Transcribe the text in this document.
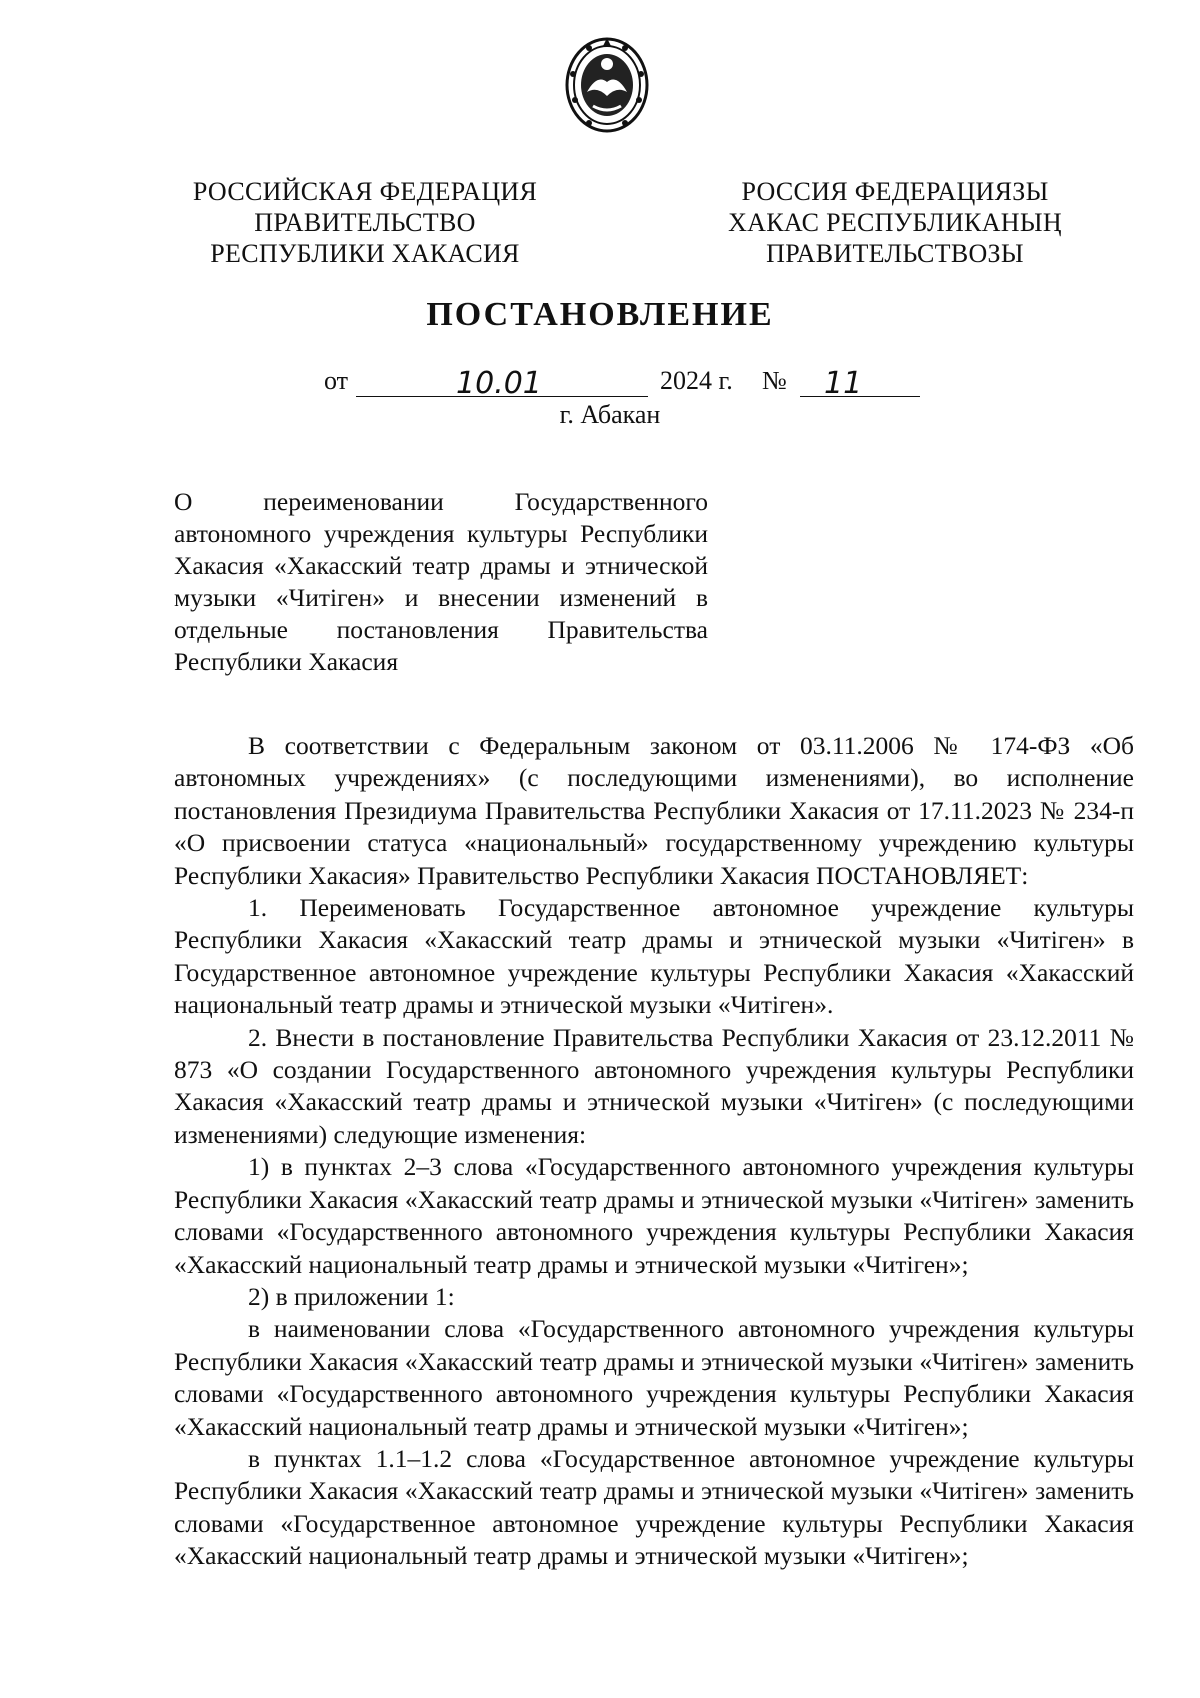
РОССИЙСКАЯ ФЕДЕРАЦИЯ
ПРАВИТЕЛЬСТВО
РЕСПУБЛИКИ ХАКАСИЯ
РОССИЯ ФЕДЕРАЦИЯЗЫ
ХАКАС РЕСПУБЛИКАНЫҢ
ПРАВИТЕЛЬСТВОЗЫ
ПОСТАНОВЛЕНИЕ
от	10.01	2024 г. № 11
г. Абакан
О переименовании Государственного автономного учреждения культуры Республики Хакасия «Хакасский театр драмы и этнической музыки «Читiген» и внесении изменений в отдельные постановления Правительства Республики Хакасия

В соответствии с Федеральным законом от 03.11.2006 № 174-ФЗ «Об автономных учреждениях» (с последующими изменениями), во исполнение постановления Президиума Правительства Республики Хакасия от 17.11.2023 № 234-п «О присвоении статуса «национальный» государственному учреждению культуры Республики Хакасия» Правительство Республики Хакасия ПОСТАНОВЛЯЕТ:

1. Переименовать Государственное автономное учреждение культуры Республики Хакасия «Хакасский театр драмы и этнической музыки «Читiген» в Государственное автономное учреждение культуры Республики Хакасия «Хакасский национальный театр драмы и этнической музыки «Читiген».

2. Внести в постановление Правительства Республики Хакасия от 23.12.2011 № 873 «О создании Государственного автономного учреждения культуры Республики Хакасия «Хакасский театр драмы и этнической музыки «Читiген» (с последующими изменениями) следующие изменения:

1) в пунктах 2–3 слова «Государственного автономного учреждения культуры Республики Хакасия «Хакасский театр драмы и этнической музыки «Читiген» заменить словами «Государственного автономного учреждения культуры Республики Хакасия «Хакасский национальный театр драмы и этнической музыки «Читiген»;

2) в приложении 1:

в наименовании слова «Государственного автономного учреждения культуры Республики Хакасия «Хакасский театр драмы и этнической музыки «Читiген» заменить словами «Государственного автономного учреждения культуры Республики Хакасия «Хакасский национальный театр драмы и этнической музыки «Читiген»;

в пунктах 1.1–1.2 слова «Государственное автономное учреждение культуры Республики Хакасия «Хакасский театр драмы и этнической музыки «Читiген» заменить словами «Государственное автономное учреждение культуры Республики Хакасия «Хакасский национальный театр драмы и этнической музыки «Читiген»;
